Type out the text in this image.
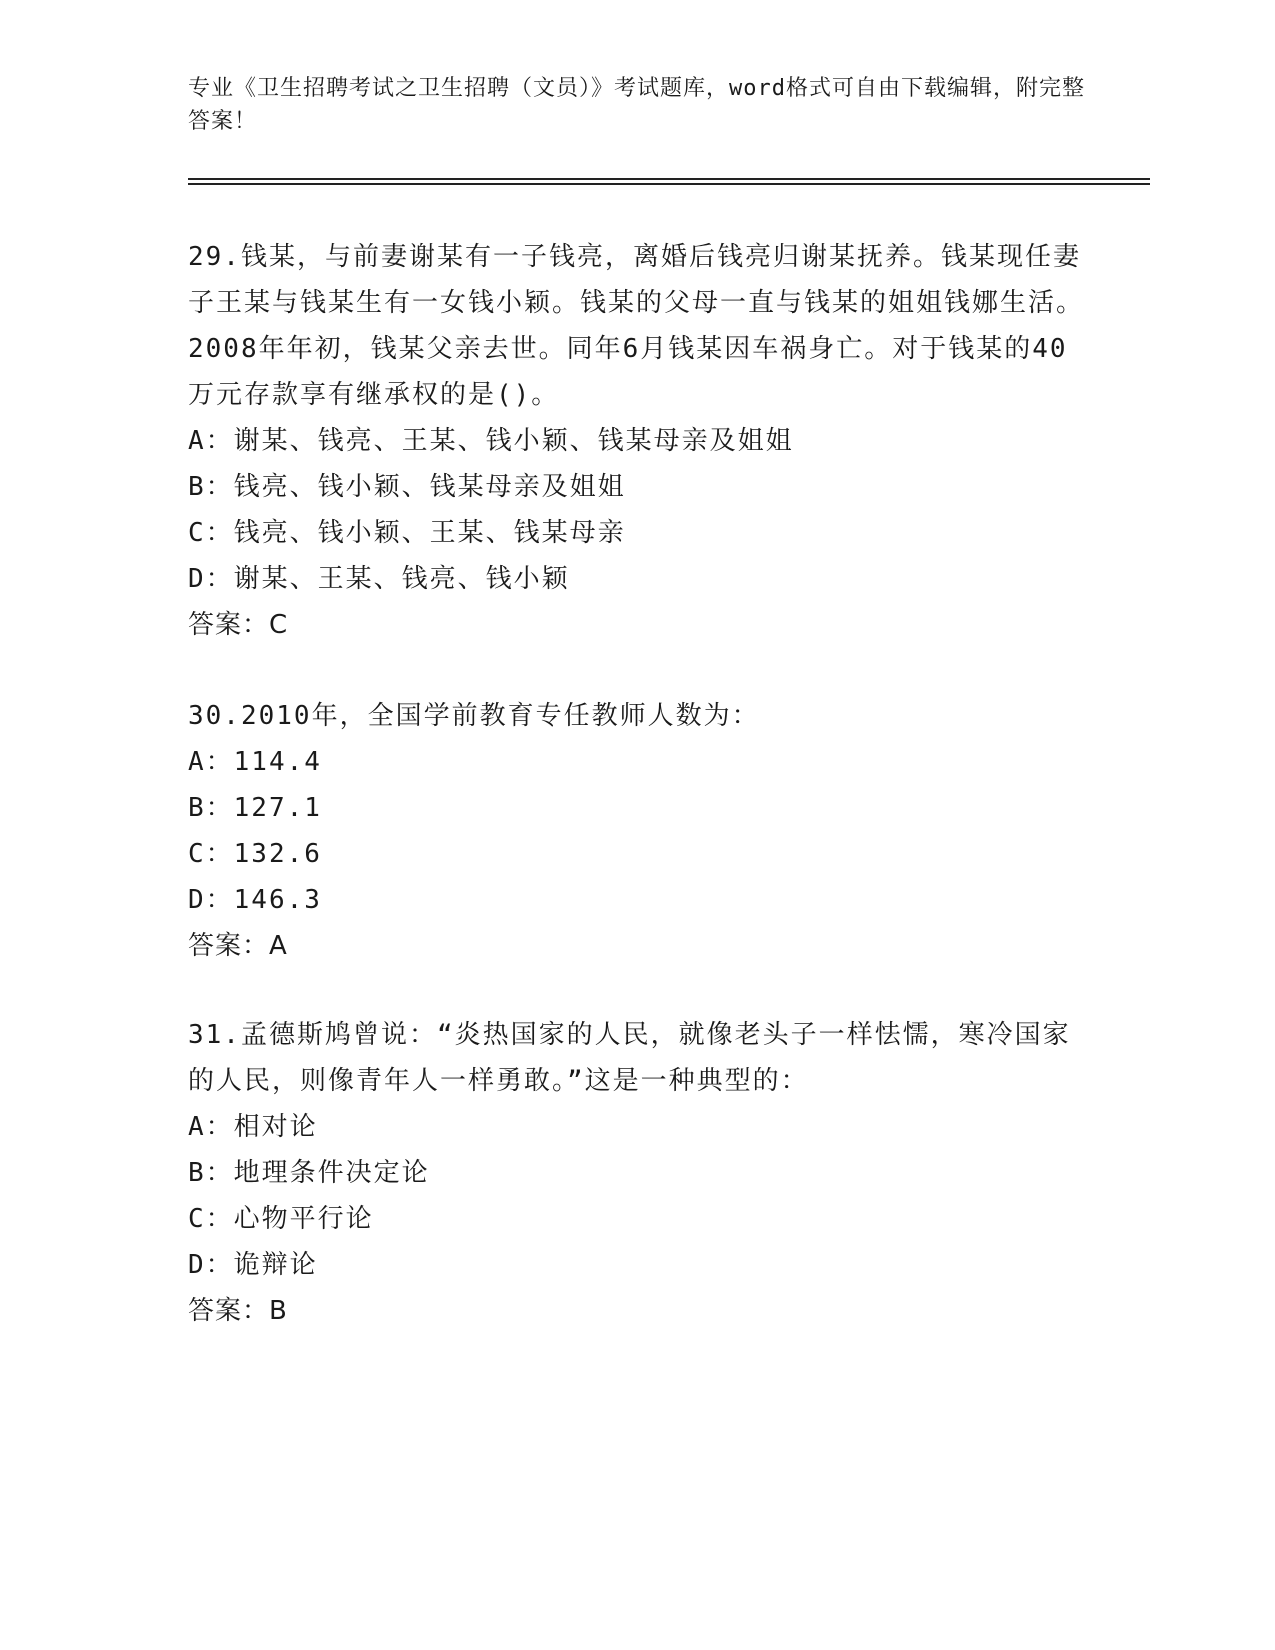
专业《卫生招聘考试之卫生招聘（文员）》考试题库，word格式可自由下载编辑，附完整答案！

29.钱某，与前妻谢某有一子钱亮，离婚后钱亮归谢某抚养。钱某现任妻子王某与钱某生有一女钱小颖。钱某的父母一直与钱某的姐姐钱娜生活。2008年年初，钱某父亲去世。同年6月钱某因车祸身亡。对于钱某的40万元存款享有继承权的是()。

A：谢某、钱亮、王某、钱小颖、钱某母亲及姐姐

B：钱亮、钱小颖、钱某母亲及姐姐

C：钱亮、钱小颖、王某、钱某母亲

D：谢某、王某、钱亮、钱小颖

答案：C

30.2010年，全国学前教育专任教师人数为：

A：114.4

B：127.1

C：132.6

D：146.3

答案：A

31.孟德斯鸠曾说：“炎热国家的人民，就像老头子一样怯懦，寒冷国家的人民，则像青年人一样勇敢。”这是一种典型的：

A：相对论

B：地理条件决定论

C：心物平行论

D：诡辩论

答案：B
